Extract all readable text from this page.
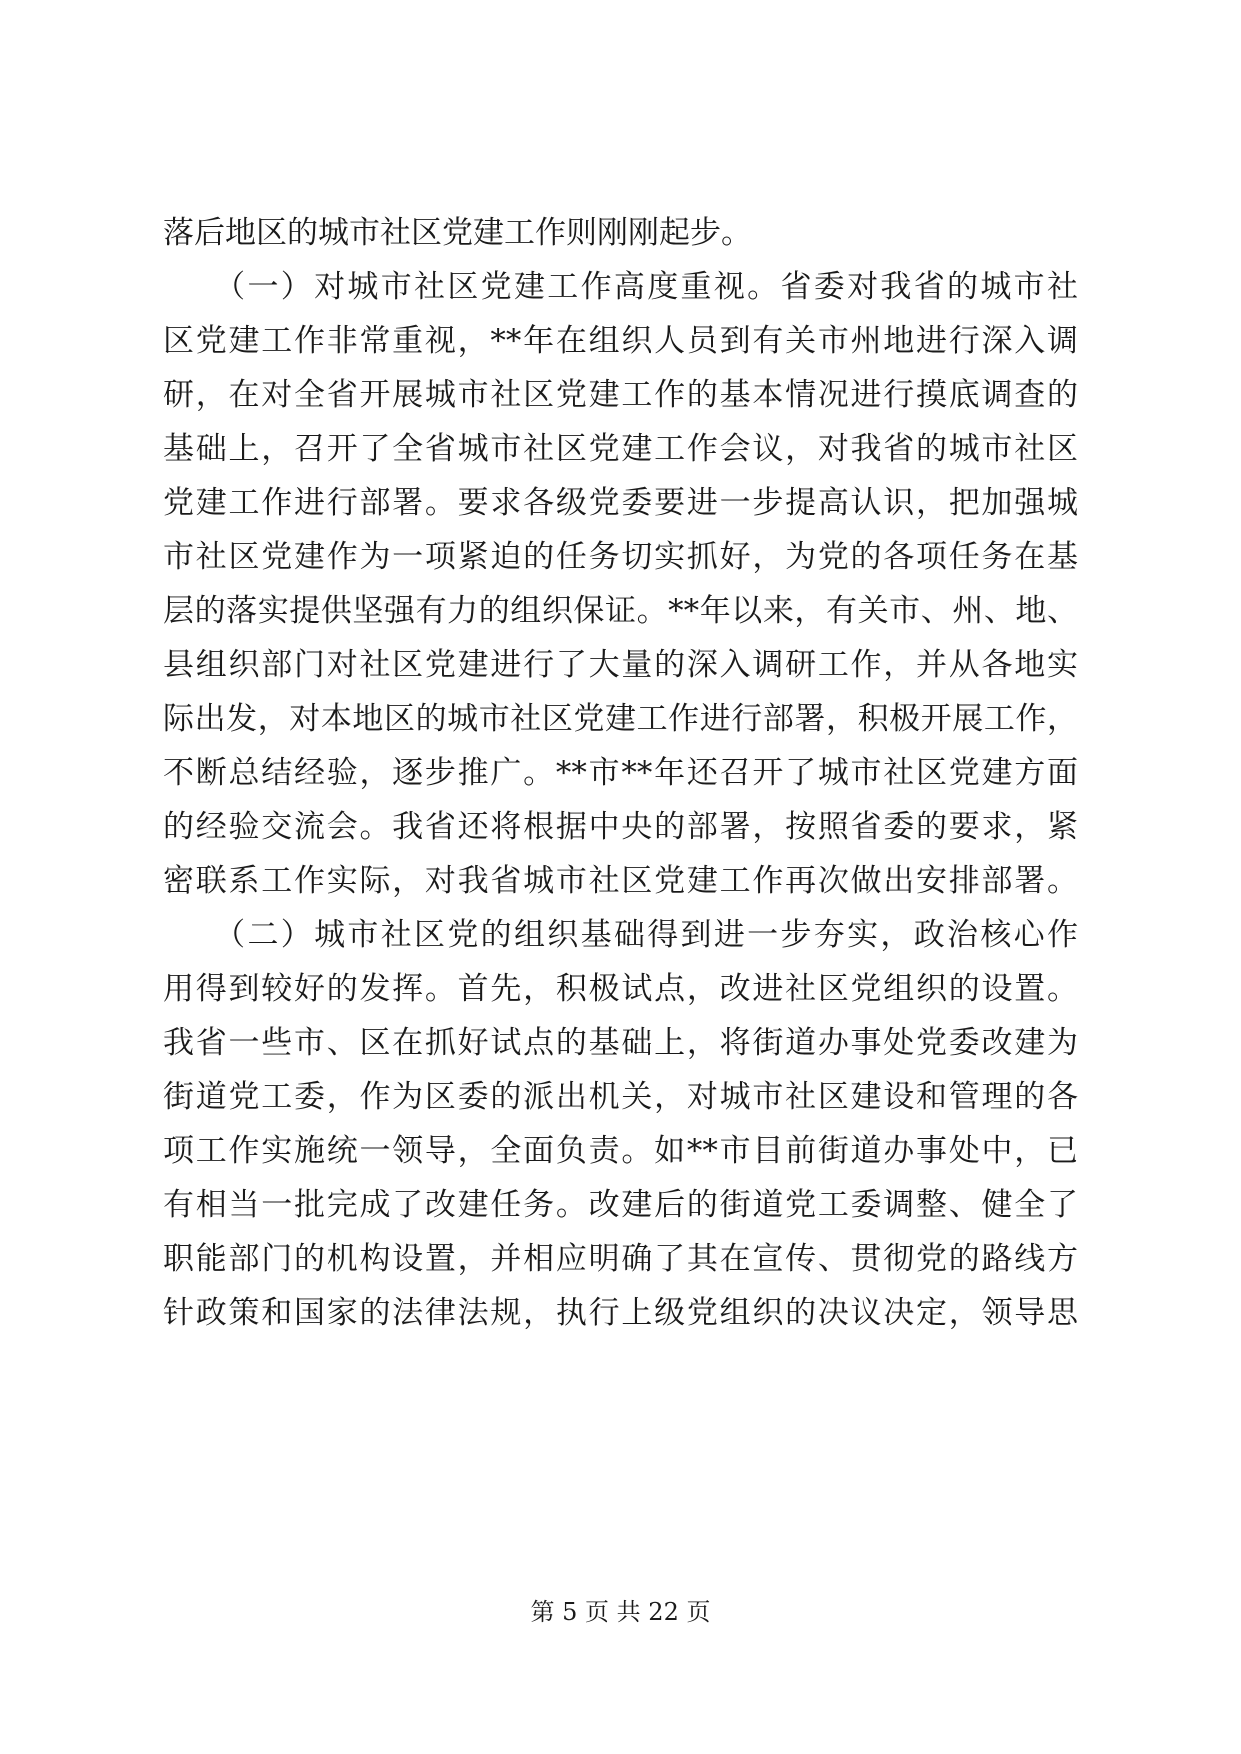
落后地区的城市社区党建工作则刚刚起步。
　　（一）对城市社区党建工作高度重视。省委对我省的城市社
区党建工作非常重视，**年在组织人员到有关市州地进行深入调
研，在对全省开展城市社区党建工作的基本情况进行摸底调查的
基础上，召开了全省城市社区党建工作会议，对我省的城市社区
党建工作进行部署。要求各级党委要进一步提高认识，把加强城
市社区党建作为一项紧迫的任务切实抓好，为党的各项任务在基
层的落实提供坚强有力的组织保证。**年以来，有关市、州、地、
县组织部门对社区党建进行了大量的深入调研工作，并从各地实
际出发，对本地区的城市社区党建工作进行部署，积极开展工作，
不断总结经验，逐步推广。**市**年还召开了城市社区党建方面
的经验交流会。我省还将根据中央的部署，按照省委的要求，紧
密联系工作实际，对我省城市社区党建工作再次做出安排部署。
　　（二）城市社区党的组织基础得到进一步夯实，政治核心作
用得到较好的发挥。首先，积极试点，改进社区党组织的设置。
我省一些市、区在抓好试点的基础上，将街道办事处党委改建为
街道党工委，作为区委的派出机关，对城市社区建设和管理的各
项工作实施统一领导，全面负责。如**市目前街道办事处中，已
有相当一批完成了改建任务。改建后的街道党工委调整、健全了
职能部门的机构设置，并相应明确了其在宣传、贯彻党的路线方
针政策和国家的法律法规，执行上级党组织的决议决定，领导思
第 5 页 共 22 页
